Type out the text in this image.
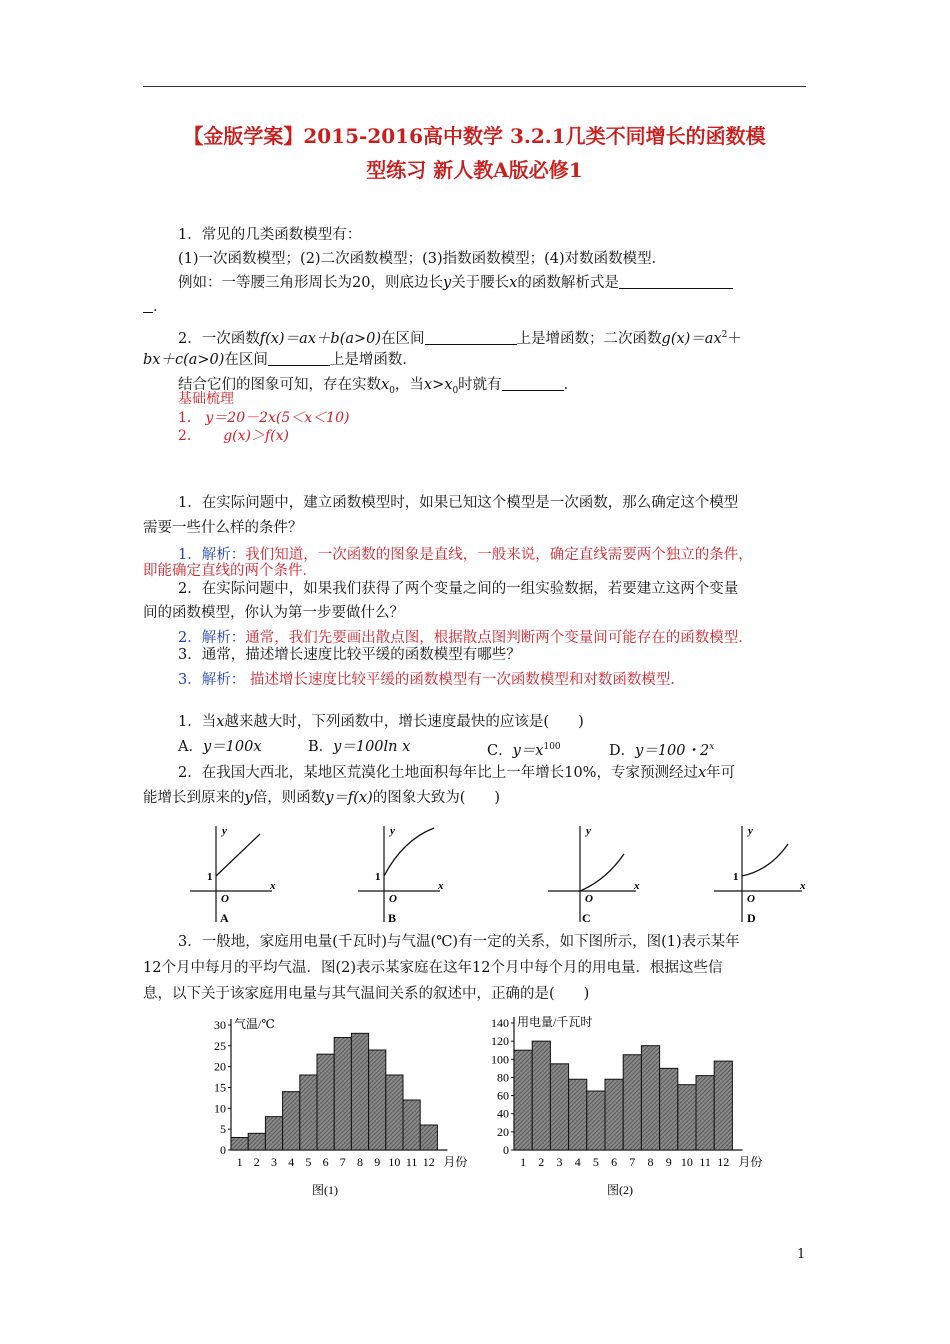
【金版学案】2015-2016高中数学 3.2.1几类不同增长的函数模
型练习 新人教A版必修1
1．常见的几类函数模型有：
(1)一次函数模型；(2)二次函数模型；(3)指数函数模型；(4)对数函数模型．
例如：一等腰三角形周长为20，则底边长y关于腰长x的函数解析式是
．
2．一次函数f(x)＝ax＋b(a>0)在区间	上是增函数；二次函数$g(x)=ax^2+$
bx＋c(a>0)在区间	上是增函数．
结合它们的图象可知，存在实数$x_0$，当$x>x_0$时就有	．
基础梳理
1． y＝20－2x(5＜x＜10)
2． g(x)＞f(x)
1．在实际问题中，建立函数模型时，如果已知这个模型是一次函数，那么确定这个模型
需要一些什么样的条件？
1．解析：我们知道，一次函数的图象是直线，一般来说，确定直线需要两个独立的条件，
即能确定直线的两个条件．
2．在实际问题中，如果我们获得了两个变量之间的一组实验数据，若要建立这两个变量
间的函数模型，你认为第一步要做什么？
2．解析：通常，我们先要画出散点图，根据散点图判断两个变量间可能存在的函数模型．
3．通常，描述增长速度比较平缓的函数模型有哪些？
3．解析： 描述增长速度比较平缓的函数模型有一次函数模型和对数函数模型．
1．当x越来越大时，下列函数中，增长速度最快的应该是(　　)
A．y＝100x	B．y＝100ln x	C．$y=x^{100}$	D．y＝100・2$^x$
2．在我国大西北，某地区荒漠化土地面积每年比上一年增长10%，专家预测经过x年可
能增长到原来的y倍，则函数y＝f(x)的图象大致为(　　)
y
x
O
1
A
y
x
O
1
B
y
x
O
C
y
x
O
1
D
3．一般地，家庭用电量(千瓦时)与气温(℃)有一定的关系，如下图所示，图(1)表示某年
12个月中每月的平均气温．图(2)表示某家庭在这年12个月中每个月的用电量．根据这些信
息，以下关于该家庭用电量与其气温间关系的叙述中，正确的是(　　)
0
5
10
15
20
25
30 气温/℃
1 2 3 4 5 6 7 8 9 10 11 12 月份
图(1)
0
20
40
60
80
100
120
140 用电量/千瓦时
1 2 3 4 5 6 7 8 9 10 11 12 月份
图(2)
1
